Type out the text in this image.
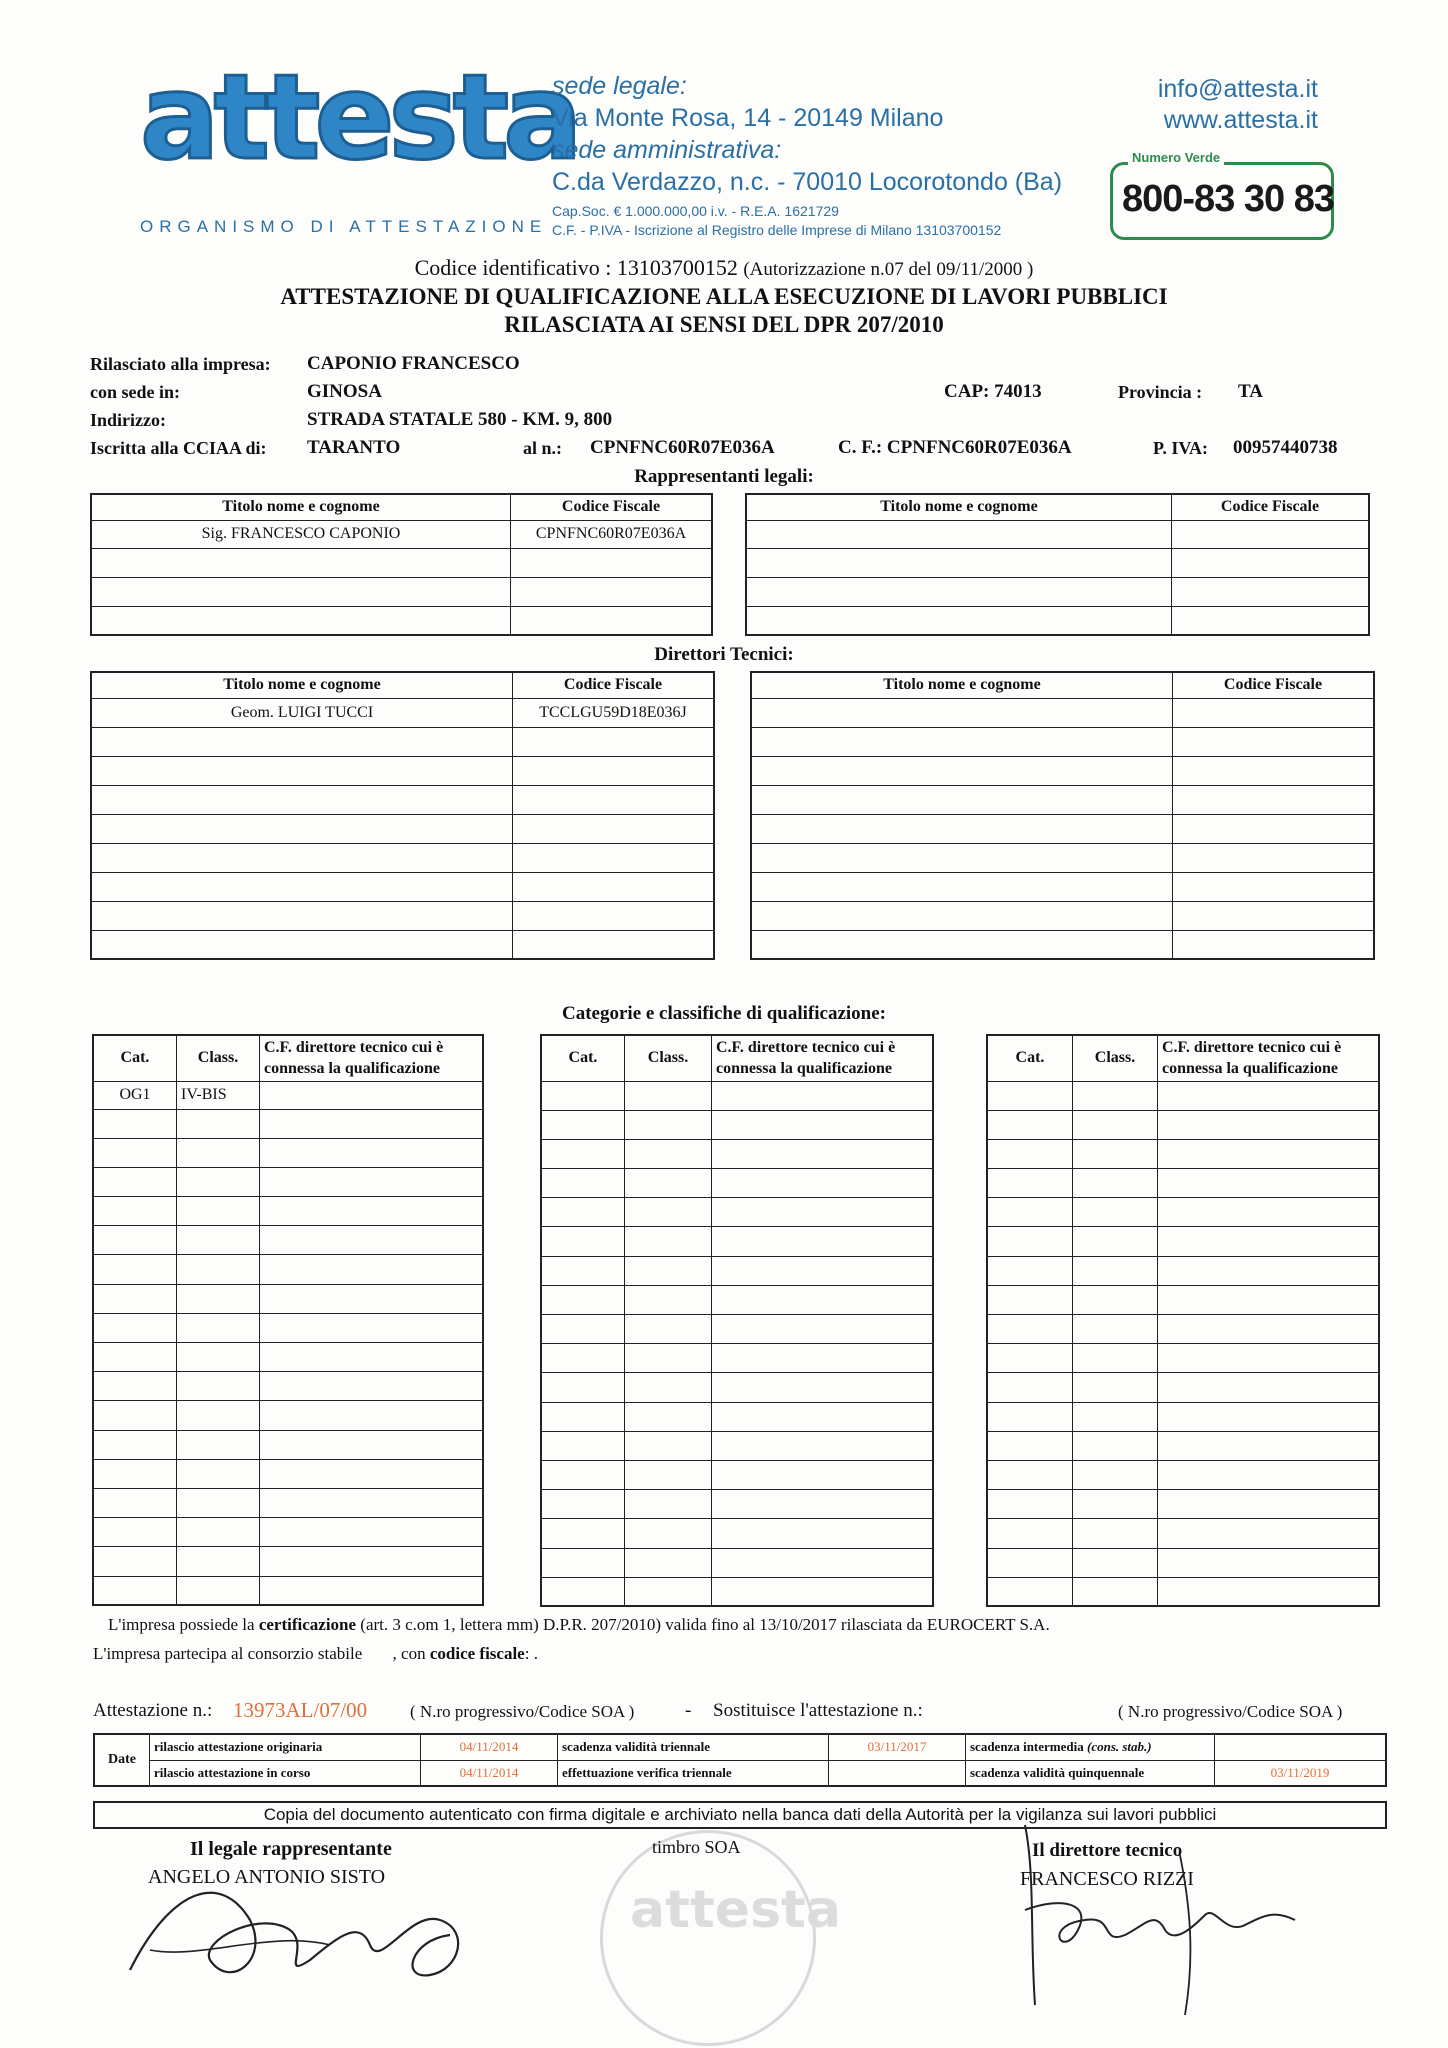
attesta
ORGANISMO DI ATTESTAZIONE
sede legale:
Via Monte Rosa, 14 - 20149 Milano
sede amministrativa:
C.da Verdazzo, n.c. - 70010 Locorotondo (Ba)
Cap.Soc. € 1.000.000,00 i.v. - R.E.A. 1621729
C.F. - P.IVA - Iscrizione al Registro delle Imprese di Milano 13103700152
info@attesta.it
www.attesta.it
Numero Verde
800-83 30 83
Codice identificativo : 13103700152 (Autorizzazione n.07 del 09/11/2000 )
ATTESTAZIONE DI QUALIFICAZIONE ALLA ESECUZIONE DI LAVORI PUBBLICI
RILASCIATA AI SENSI DEL DPR 207/2010
Rilasciato alla impresa: CAPONIO FRANCESCO
con sede in:	GINOSA	CAP: 74013	Provincia : TA
Indirizzo:	STRADA STATALE 580 - KM. 9, 800
Iscritta alla CCIAA di: TARANTO	al n.: CPNFNC60R07E036A	C. F.: CPNFNC60R07E036A	P. IVA: 00957440738
Rappresentanti legali:
Titolo nome e cognome	Codice Fiscale
Sig. FRANCESCO CAPONIO	CPNFNC60R07E036A

Titolo nome e cognome	Codice Fiscale

Direttori Tecnici:
Titolo nome e cognome	Codice Fiscale
Geom. LUIGI TUCCI	TCCLGU59D18E036J

Titolo nome e cognome	Codice Fiscale

Categorie e classifiche di qualificazione:
Cat.	Class.	C.F. direttore tecnico cui è connessa la qualificazione
OG1	IV-BIS	

Cat.	Class.	C.F. direttore tecnico cui è connessa la qualificazione

Cat.	Class.	C.F. direttore tecnico cui è connessa la qualificazione

L'impresa possiede la certificazione (art. 3 c.om 1, lettera mm) D.P.R. 207/2010) valida fino al 13/10/2017 rilasciata da EUROCERT S.A.
L'impresa partecipa al consorzio stabile , con codice fiscale: .
Attestazione n.: 13973AL/07/00	( N.ro progressivo/Codice SOA )	- Sostituisce l'attestazione n.:	( N.ro progressivo/Codice SOA )
Date	rilascio attestazione originaria	04/11/2014	scadenza validità triennale	03/11/2017	scadenza intermedia (cons. stab.)	
	rilascio attestazione in corso	04/11/2014	effettuazione verifica triennale		scadenza validità quinquennale	03/11/2019
Copia del documento autenticato con firma digitale e archiviato nella banca dati della Autorità per la vigilanza sui lavori pubblici
attesta
Il legale rappresentante
ANGELO ANTONIO SISTO
timbro SOA	Il direttore tecnico
FRANCESCO RIZZI
